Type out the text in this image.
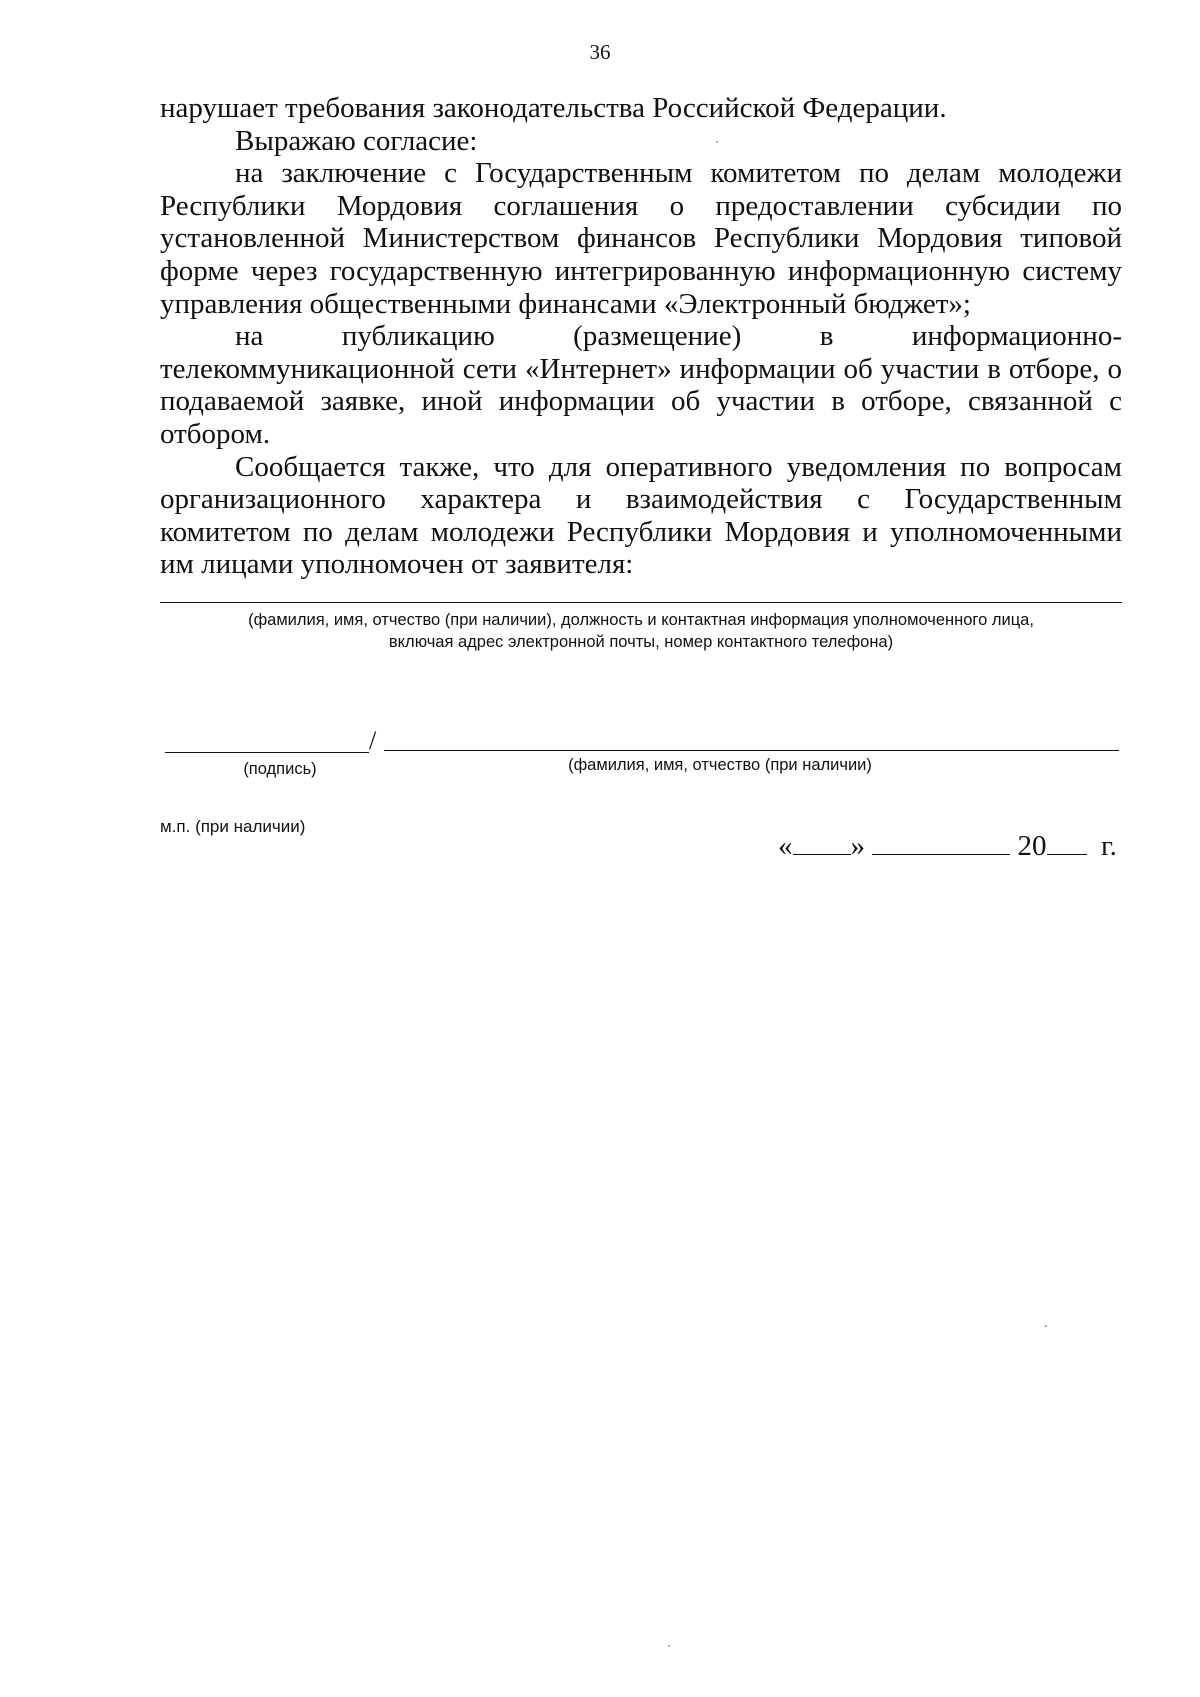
36

нарушает требования законодательства Российской Федерации.

Выражаю согласие:

на заключение с Государственным комитетом по делам молодежи Республики Мордовия соглашения о предоставлении субсидии по установленной Министерством финансов Республики Мордовия типовой форме через государственную интегрированную информационную систему управления общественными финансами «Электронный бюджет»;

на публикацию (размещение) в информационно-телекоммуникационной сети «Интернет» информации об участии в отборе, о подаваемой заявке, иной информации об участии в отборе, связанной с отбором.

Сообщается также, что для оперативного уведомления по вопросам организационного характера и взаимодействия с Государственным комитетом по делам молодежи Республики Мордовия и уполномоченными им лицами уполномочен от заявителя:

(фамилия, имя, отчество (при наличии), должность и контактная информация уполномоченного лица,
включая адрес электронной почты, номер контактного телефона)
/
(подпись)	(фамилия, имя, отчество (при наличии)
м.п. (при наличии)
« »	20 г.
